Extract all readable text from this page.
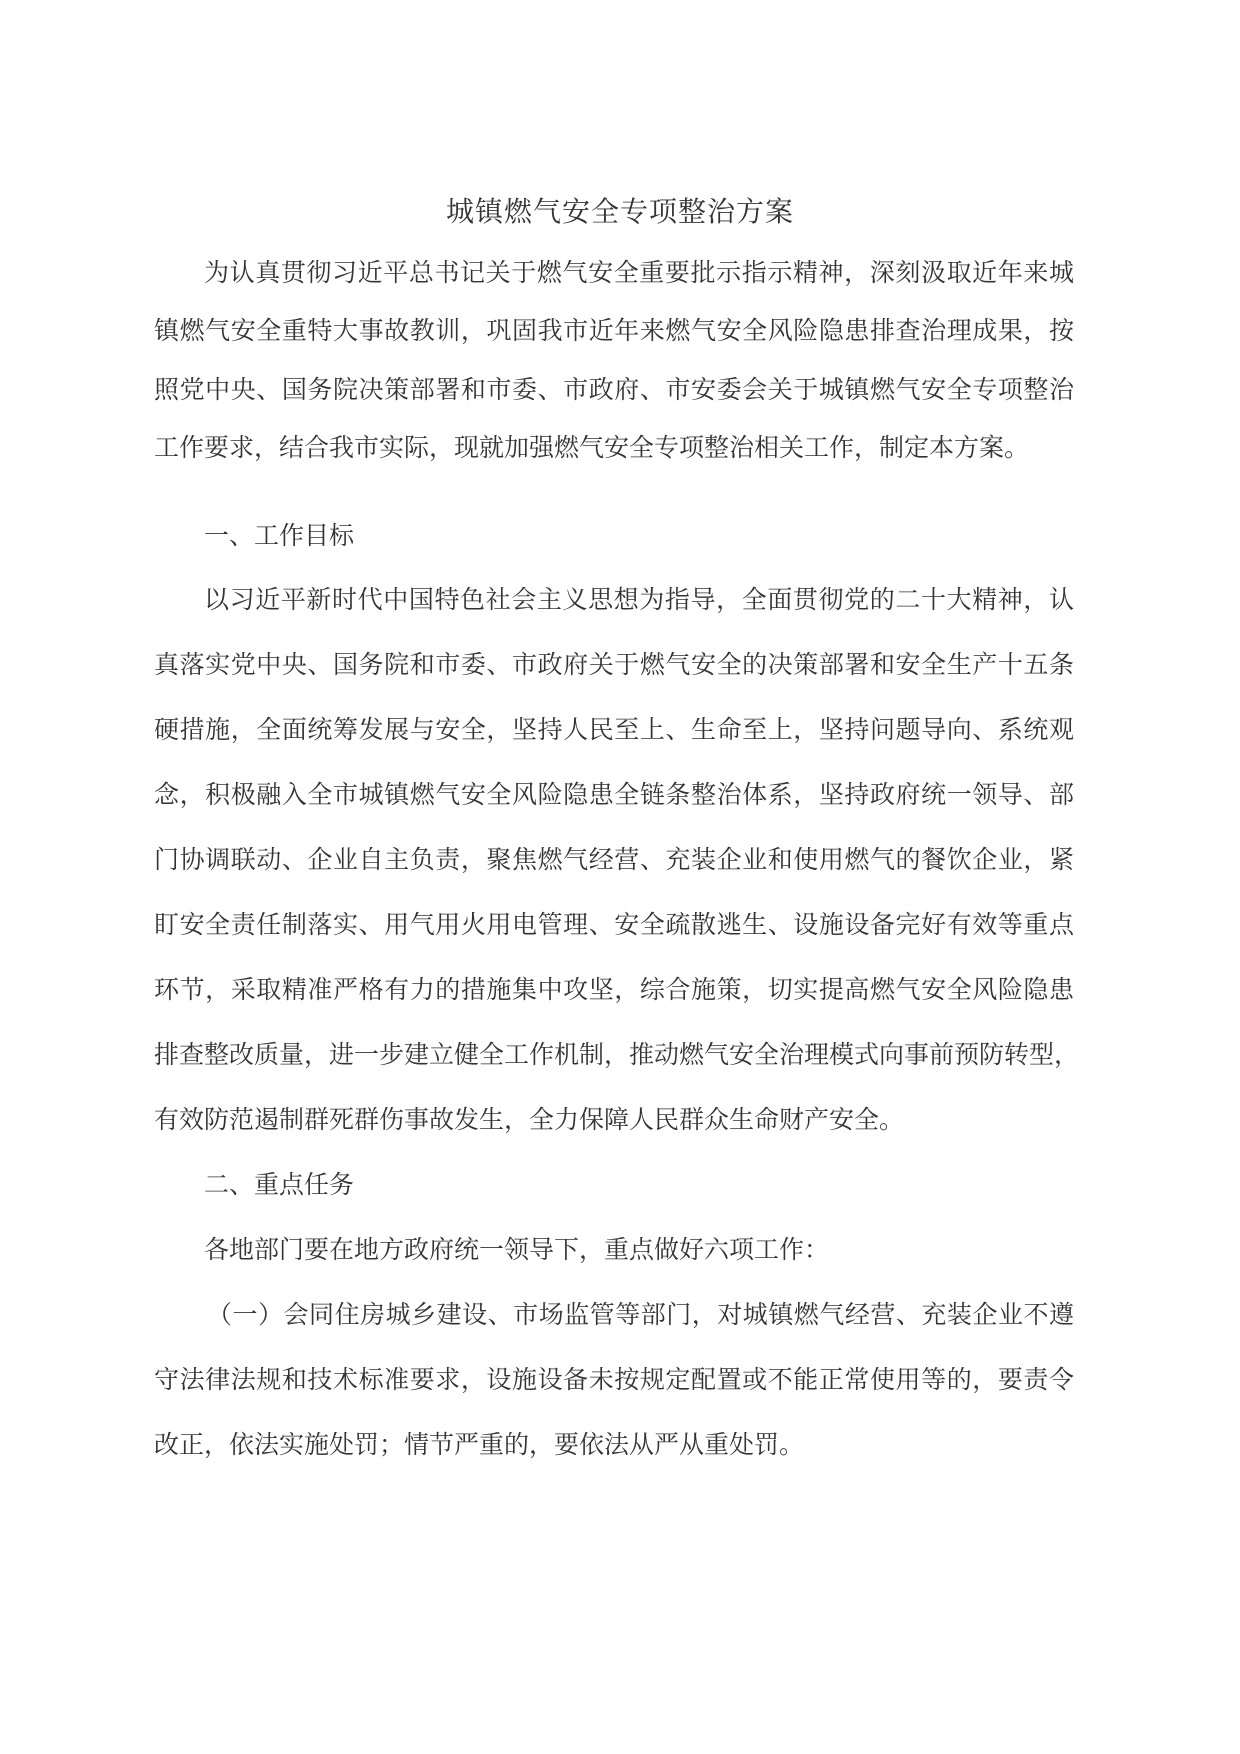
城镇燃气安全专项整治方案
为认真贯彻习近平总书记关于燃气安全重要批示指示精神，深刻汲取近年来城
镇燃气安全重特大事故教训，巩固我市近年来燃气安全风险隐患排查治理成果，按
照党中央、国务院决策部署和市委、市政府、市安委会关于城镇燃气安全专项整治
工作要求，结合我市实际，现就加强燃气安全专项整治相关工作，制定本方案。
一、工作目标
以习近平新时代中国特色社会主义思想为指导，全面贯彻党的二十大精神，认
真落实党中央、国务院和市委、市政府关于燃气安全的决策部署和安全生产十五条
硬措施，全面统筹发展与安全，坚持人民至上、生命至上，坚持问题导向、系统观
念，积极融入全市城镇燃气安全风险隐患全链条整治体系，坚持政府统一领导、部
门协调联动、企业自主负责，聚焦燃气经营、充装企业和使用燃气的餐饮企业，紧
盯安全责任制落实、用气用火用电管理、安全疏散逃生、设施设备完好有效等重点
环节，采取精准严格有力的措施集中攻坚，综合施策，切实提高燃气安全风险隐患
排查整改质量，进一步建立健全工作机制，推动燃气安全治理模式向事前预防转型，
有效防范遏制群死群伤事故发生，全力保障人民群众生命财产安全。
二、重点任务
各地部门要在地方政府统一领导下，重点做好六项工作：
（一）会同住房城乡建设、市场监管等部门，对城镇燃气经营、充装企业不遵
守法律法规和技术标准要求，设施设备未按规定配置或不能正常使用等的，要责令
改正，依法实施处罚；情节严重的，要依法从严从重处罚。
